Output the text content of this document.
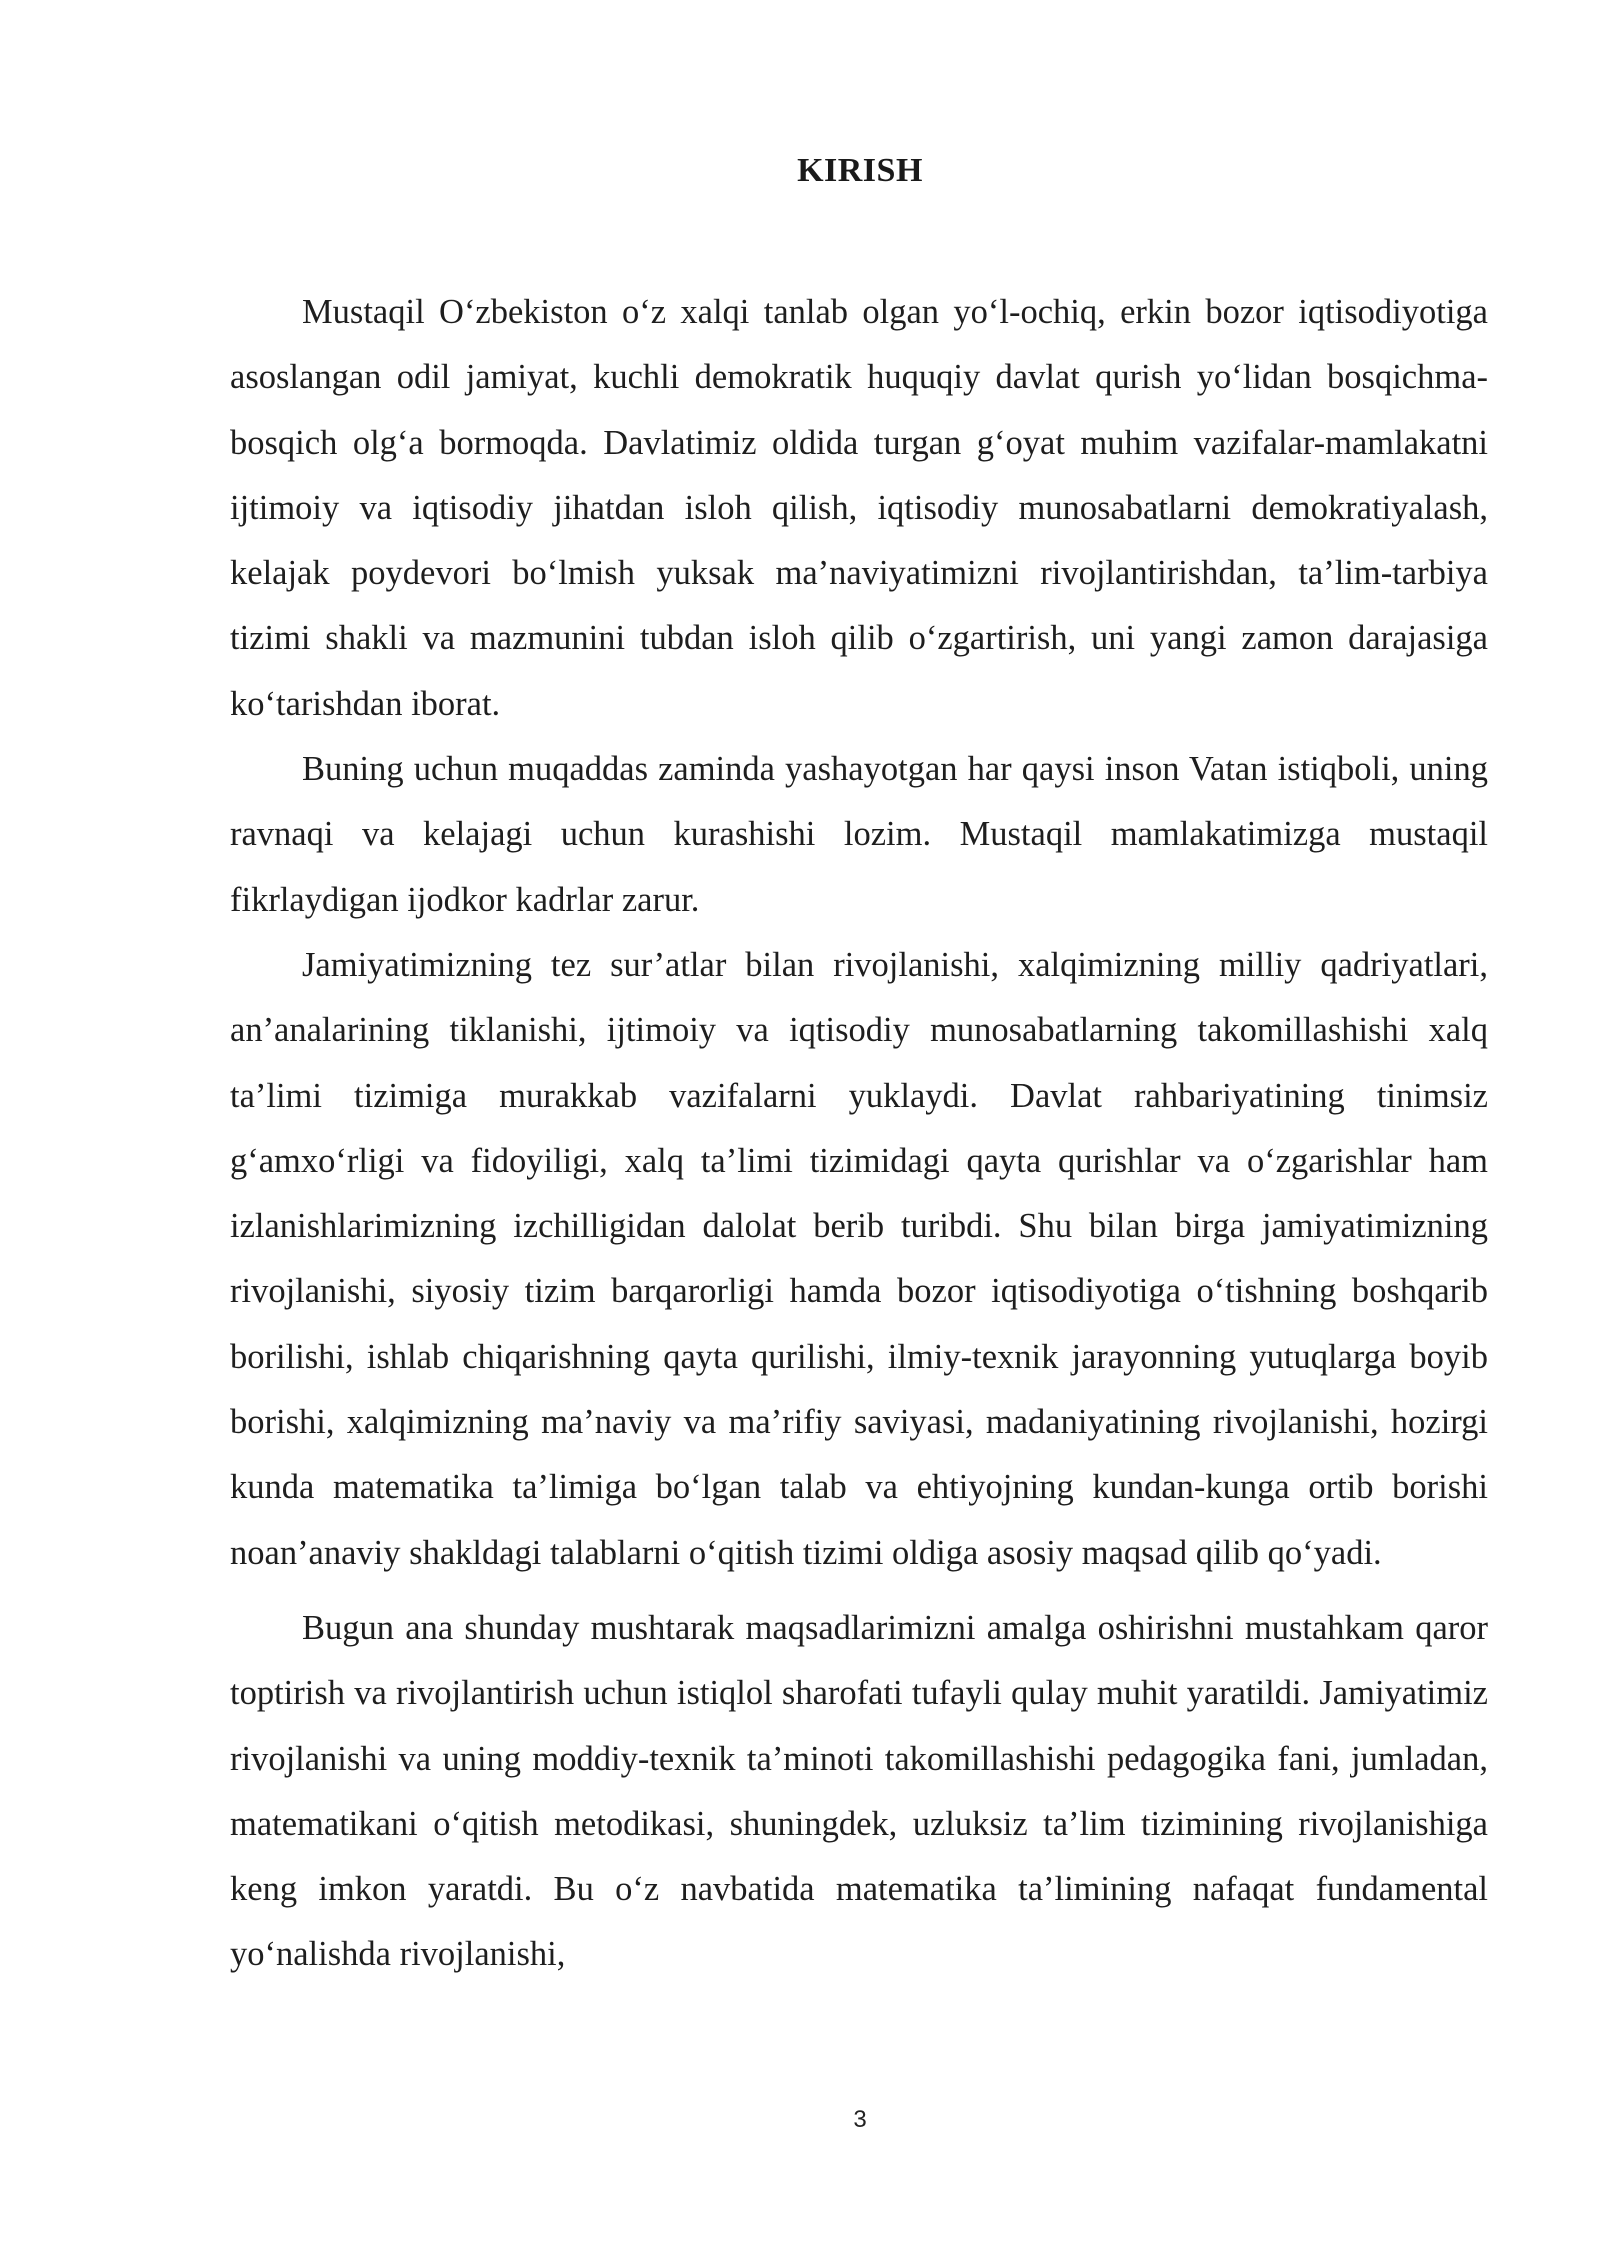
KIRISH

Mustaqil O‘zbekiston o‘z xalqi tanlab olgan yo‘l-ochiq, erkin bozor iqtisodiyotiga asoslangan odil jamiyat, kuchli demokratik huquqiy davlat qurish yo‘lidan bosqichma-bosqich olg‘a bormoqda. Davlatimiz oldida turgan g‘oyat muhim vazifalar-mamlakatni ijtimoiy va iqtisodiy jihatdan isloh qilish, iqtisodiy munosabatlarni demokratiyalash, kelajak poydevori bo‘lmish yuksak ma’naviyatimizni rivojlantirishdan, ta’lim-tarbiya tizimi shakli va mazmunini tubdan isloh qilib o‘zgartirish, uni yangi zamon darajasiga ko‘tarishdan iborat.

Buning uchun muqaddas zaminda yashayotgan har qaysi inson Vatan istiqboli, uning ravnaqi va kelajagi uchun kurashishi lozim. Mustaqil mamlakatimizga mustaqil fikrlaydigan ijodkor kadrlar zarur.

Jamiyatimizning tez sur’atlar bilan rivojlanishi, xalqimizning milliy qadriyatlari, an’analarining tiklanishi, ijtimoiy va iqtisodiy munosabatlarning takomillashishi xalq ta’limi tizimiga murakkab vazifalarni yuklaydi. Davlat rahbariyatining tinimsiz g‘amxo‘rligi va fidoyiligi, xalq ta’limi tizimidagi qayta qurishlar va o‘zgarishlar ham izlanishlarimizning izchilligidan dalolat berib turibdi. Shu bilan birga jamiyatimizning rivojlanishi, siyosiy tizim barqarorligi hamda bozor iqtisodiyotiga o‘tishning boshqarib borilishi, ishlab chiqarishning qayta qurilishi, ilmiy-texnik jarayonning yutuqlarga boyib borishi, xalqimizning ma’naviy va ma’rifiy saviyasi, madaniyatining rivojlanishi, hozirgi kunda matematika ta’limiga bo‘lgan talab va ehtiyojning kundan-kunga ortib borishi noan’anaviy shakldagi talablarni o‘qitish tizimi oldiga asosiy maqsad qilib qo‘yadi.

Bugun ana shunday mushtarak maqsadlarimizni amalga oshirishni mustahkam qaror toptirish va rivojlantirish uchun istiqlol sharofati tufayli qulay muhit yaratildi. Jamiyatimiz rivojlanishi va uning moddiy-texnik ta’minoti takomillashishi pedagogika fani, jumladan, matematikani o‘qitish metodikasi, shuningdek, uzluksiz ta’lim tizimining rivojlanishiga keng imkon yaratdi. Bu o‘z navbatida matematika ta’limining nafaqat fundamental yo‘nalishda rivojlanishi,

3
